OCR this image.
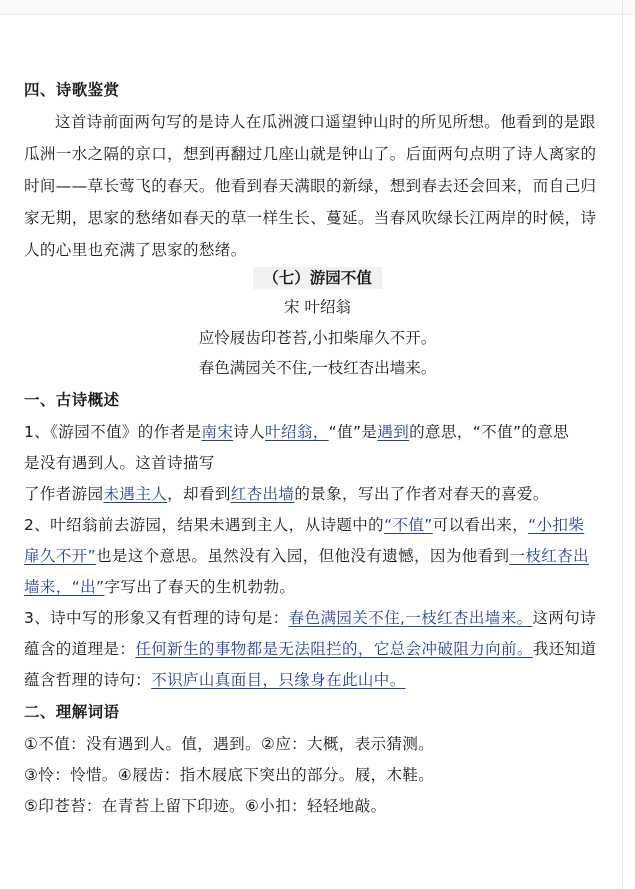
四、诗歌鉴赏
这首诗前面两句写的是诗人在瓜洲渡口遥望钟山时的所见所想。他看到的是跟
瓜洲一水之隔的京口，想到再翻过几座山就是钟山了。后面两句点明了诗人离家的
时间——草长莺飞的春天。他看到春天满眼的新绿，想到春去还会回来，而自己归
家无期，思家的愁绪如春天的草一样生长、蔓延。当春风吹绿长江两岸的时候，诗
人的心里也充满了思家的愁绪。
（七）游园不值
宋 叶绍翁
应怜屐齿印苍苔,小扣柴扉久不开。
春色满园关不住,一枝红杏出墙来。
一、古诗概述
1、《游园不值》的作者是南宋诗人叶绍翁，“值”是遇到的意思，“不值”的意思
是没有遇到人。这首诗描写
了作者游园未遇主人，却看到红杏出墙的景象，写出了作者对春天的喜爱。
2、叶绍翁前去游园，结果未遇到主人，从诗题中的“不值”可以看出来，“小扣柴
扉久不开”也是这个意思。虽然没有入园，但他没有遗憾，因为他看到一枝红杏出
墙来，“出”字写出了春天的生机勃勃。
3、诗中写的形象又有哲理的诗句是：春色满园关不住,一枝红杏出墙来。这两句诗
蕴含的道理是：任何新生的事物都是无法阻拦的，它总会冲破阻力向前。我还知道
蕴含哲理的诗句：不识庐山真面目，只缘身在此山中。
二、理解词语
①不值：没有遇到人。值，遇到。②应：大概，表示猜测。
③怜：怜惜。④屐齿：指木屐底下突出的部分。屐，木鞋。
⑤印苍苔：在青苔上留下印迹。⑥小扣：轻轻地敲。
